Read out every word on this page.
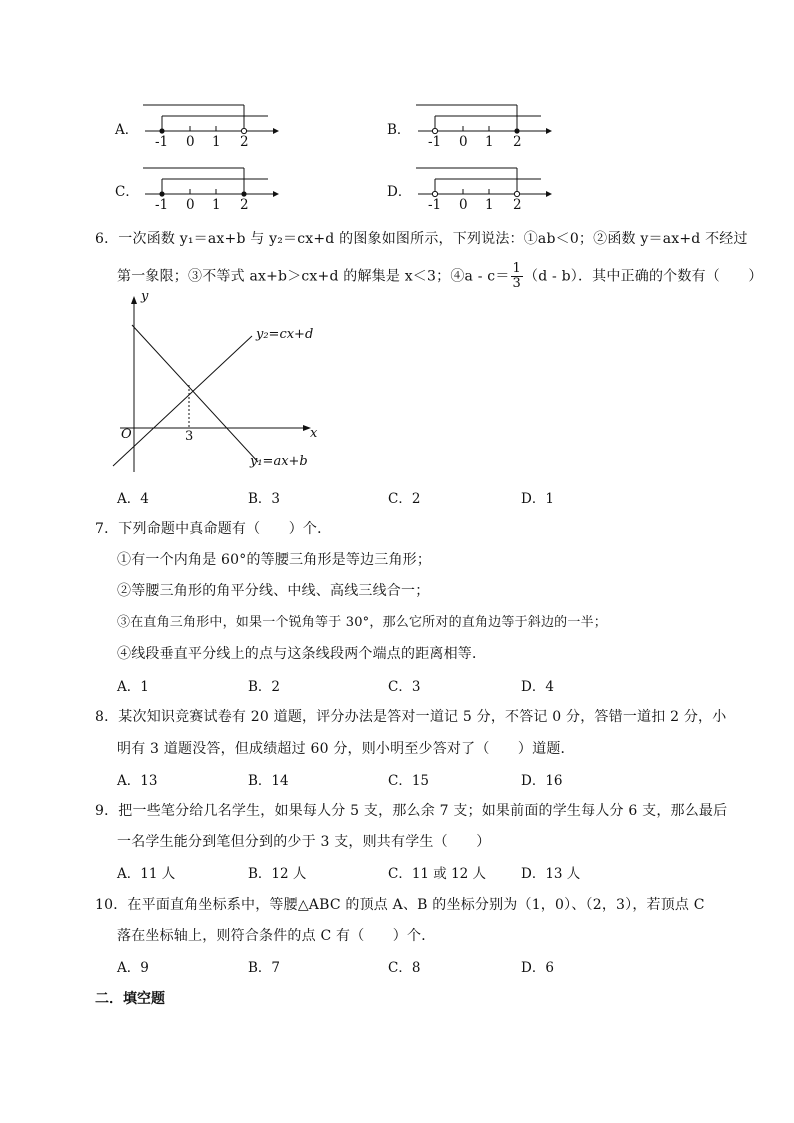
A．
-1 0 1 2
B．
-1 0 1 2
C．
-1 0 1 2
D．
-1 0 1 2
6．一次函数 y₁＝ax+b 与 y₂＝cx+d 的图象如图所示，下列说法：①ab＜0；②函数 y＝ax+d 不经过
第一象限；③不等式 ax+b＞cx+d 的解集是 x＜3；④a - $c= \frac{1}{3} (d - b)$．其中正确的个数有（　　）
y
x
O	3
y₂=cx+d
y₁=ax+b
A．4	B．3	C．2	D．1
7．下列命题中真命题有（　　）个．
①有一个内角是 60°的等腰三角形是等边三角形；
②等腰三角形的角平分线、中线、高线三线合一；
③在直角三角形中，如果一个锐角等于 30°，那么它所对的直角边等于斜边的一半；
④线段垂直平分线上的点与这条线段两个端点的距离相等．
A．1	B．2	C．3	D．4
8．某次知识竞赛试卷有 20 道题，评分办法是答对一道记 5 分，不答记 0 分，答错一道扣 2 分，小
明有 3 道题没答，但成绩超过 60 分，则小明至少答对了（　　）道题．
A．13	B．14	C．15	D．16
9．把一些笔分给几名学生，如果每人分 5 支，那么余 7 支；如果前面的学生每人分 6 支，那么最后
一名学生能分到笔但分到的少于 3 支，则共有学生（　　）
A．11 人	B．12 人	C．11 或 12 人	D．13 人
10．在平面直角坐标系中，等腰△ABC 的顶点 A、B 的坐标分别为（1，0）、（2，3），若顶点 C
落在坐标轴上，则符合条件的点 C 有（　　）个．
A．9	B．7	C．8	D．6
二．填空题
